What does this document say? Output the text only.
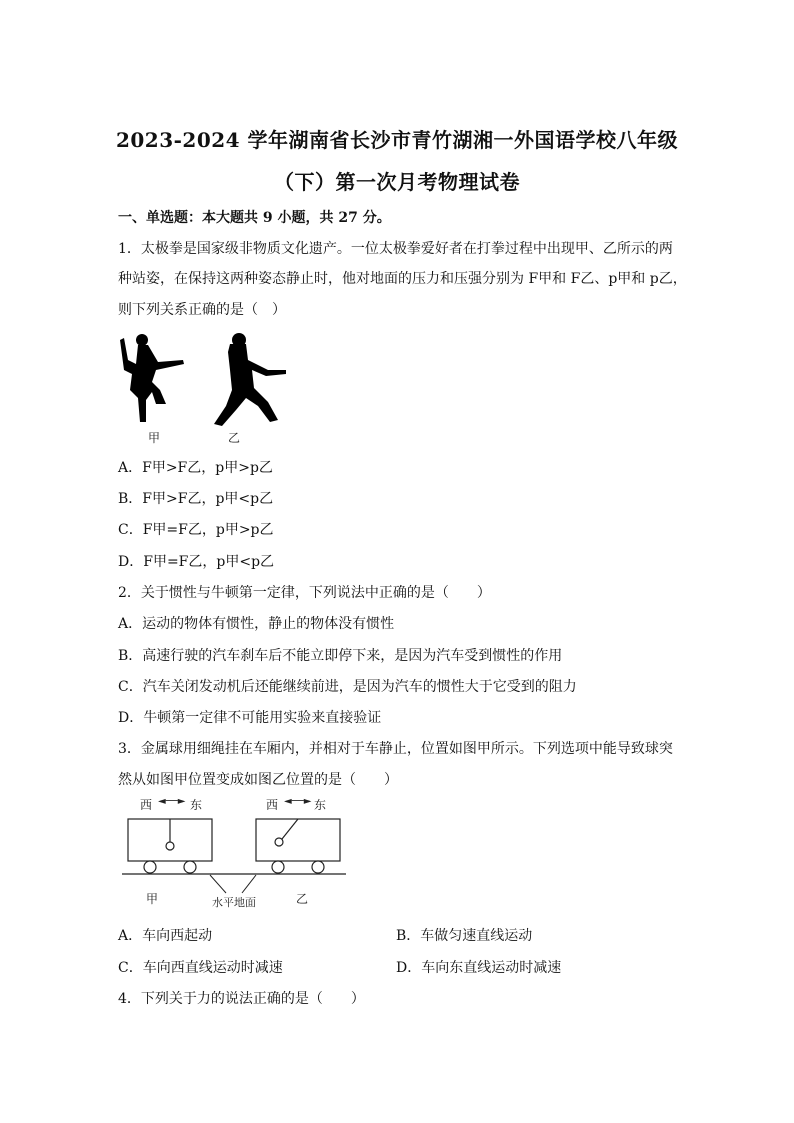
2023-2024 学年湖南省长沙市青竹湖湘一外国语学校八年级
（下）第一次月考物理试卷
一、单选题：本大题共 9 小题，共 27 分。
1．太极拳是国家级非物质文化遗产。一位太极拳爱好者在打拳过程中出现甲、乙所示的两
种站姿，在保持这两种姿态静止时，他对地面的压力和压强分别为 F甲和 F乙、p甲和 p乙，
则下列关系正确的是（　）
甲	乙
A．F甲>F乙，p甲>p乙
B．F甲>F乙，p甲<p乙
C．F甲=F乙，p甲>p乙
D．F甲=F乙，p甲<p乙
2．关于惯性与牛顿第一定律，下列说法中正确的是（　　）
A．运动的物体有惯性，静止的物体没有惯性
B．高速行驶的汽车刹车后不能立即停下来，是因为汽车受到惯性的作用
C．汽车关闭发动机后还能继续前进，是因为汽车的惯性大于它受到的阻力
D．牛顿第一定律不可能用实验来直接验证
3．金属球用细绳挂在车厢内，并相对于车静止，位置如图甲所示。下列选项中能导致球突
然从如图甲位置变成如图乙位置的是（　　）
西 ◄──► 东	西 ◄──► 东
甲	水平地面	乙
A．车向西起动	B．车做匀速直线运动
C．车向西直线运动时减速	D．车向东直线运动时减速
4．下列关于力的说法正确的是（　　）
